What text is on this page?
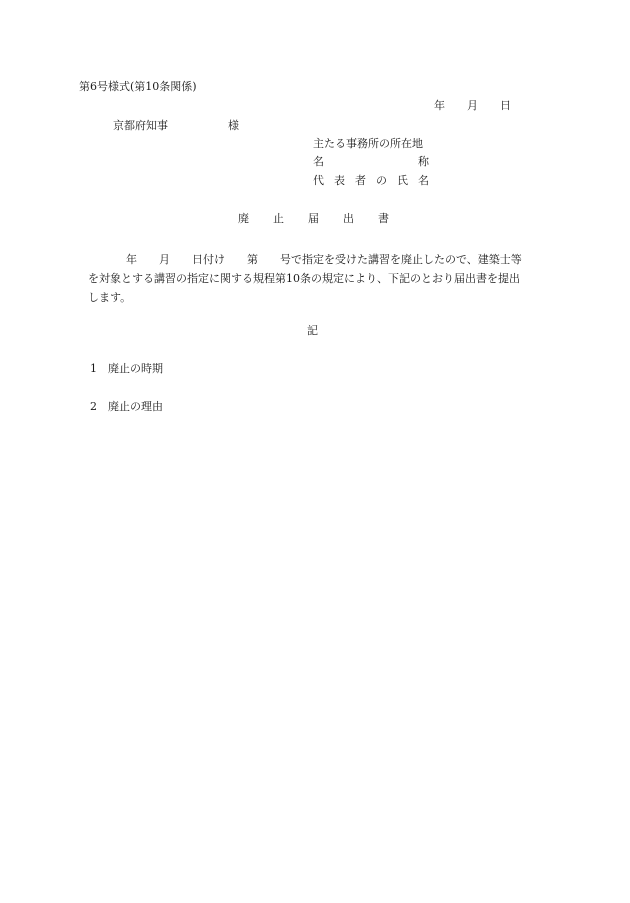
第6号様式(第10条関係)
年 月 日
京都府知事	様
主たる事務所の所在地
名	称
代 表 者 の 氏 名
廃 止 届 出 書
年　　月　　日付け　　第　　号で指定を受けた講習を廃止したので、建築士等
を対象とする講習の指定に関する規程第10条の規定により、下記のとおり届出書を提出
します。
記
1 廃止の時期
2 廃止の理由
